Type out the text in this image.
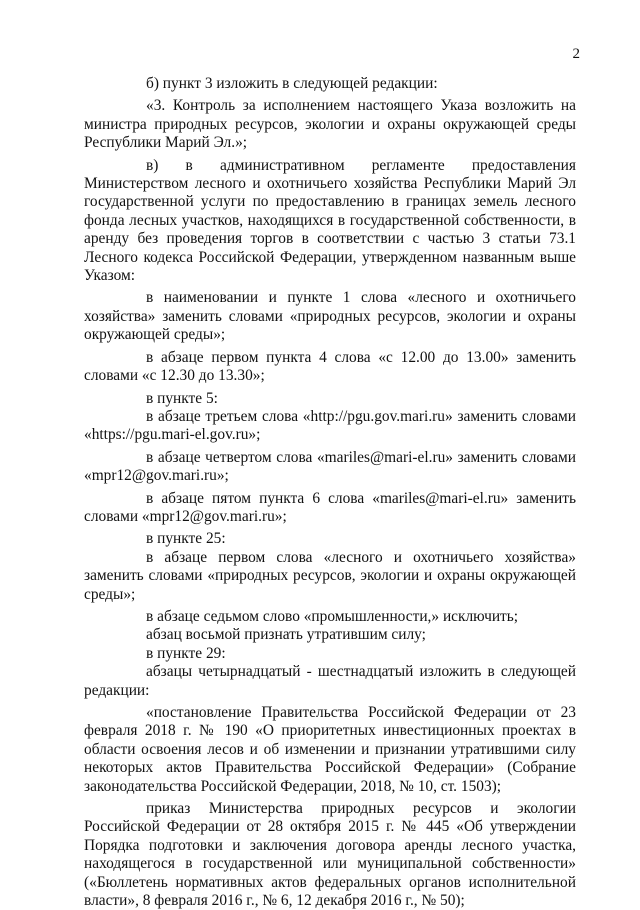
2

б) пункт 3 изложить в следующей редакции:

«3. Контроль за исполнением настоящего Указа возложить на министра природных ресурсов, экологии и охраны окружающей среды Республики Марий Эл.»;

в) в административном регламенте предоставления Министерством лесного и охотничьего хозяйства Республики Марий Эл государственной услуги по предоставлению в границах земель лесного фонда лесных участков, находящихся в государственной собственности, в аренду без проведения торгов в соответствии с частью 3 статьи 73.1 Лесного кодекса Российской Федерации, утвержденном названным выше Указом:

в наименовании и пункте 1 слова «лесного и охотничьего хозяйства» заменить словами «природных ресурсов, экологии и охраны окружающей среды»;

в абзаце первом пункта 4 слова «с 12.00 до 13.00» заменить словами «с 12.30 до 13.30»;

в пункте 5:

в абзаце третьем слова «http://pgu.gov.mari.ru» заменить словами «https://pgu.mari-el.gov.ru»;

в абзаце четвертом слова «mariles@mari-el.ru» заменить словами «mpr12@gov.mari.ru»;

в абзаце пятом пункта 6 слова «mariles@mari-el.ru» заменить словами «mpr12@gov.mari.ru»;

в пункте 25:

в абзаце первом слова «лесного и охотничьего хозяйства» заменить словами «природных ресурсов, экологии и охраны окружающей среды»;

в абзаце седьмом слово «промышленности,» исключить;

абзац восьмой признать утратившим силу;

в пункте 29:

абзацы четырнадцатый - шестнадцатый изложить в следующей редакции:

«постановление Правительства Российской Федерации от 23 февраля 2018 г. № 190 «О приоритетных инвестиционных проектах в области освоения лесов и об изменении и признании утратившими силу некоторых актов Правительства Российской Федерации» (Собрание законодательства Российской Федерации, 2018, № 10, ст. 1503);

приказ Министерства природных ресурсов и экологии Российской Федерации от 28 октября 2015 г. № 445 «Об утверждении Порядка подготовки и заключения договора аренды лесного участка, находящегося в государственной или муниципальной собственности» («Бюллетень нормативных актов федеральных органов исполнительной власти», 8 февраля 2016 г., № 6, 12 декабря 2016 г., № 50);
